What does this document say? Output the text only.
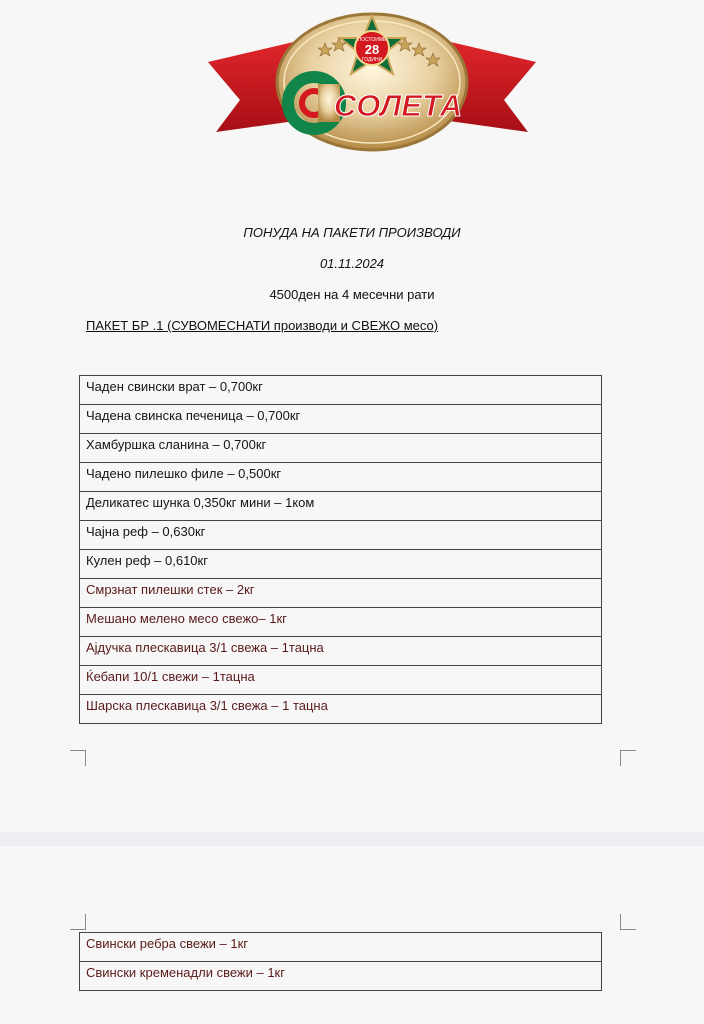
ПОСТОИМЕ
28
ГОДИНИ
СОЛЕТА
ПОНУДА НА ПАКЕТИ ПРОИЗВОДИ
01.11.2024
4500ден на 4 месечни рати
ПАКЕТ БР .1 (СУВОМЕСНАТИ производи и СВЕЖО месо)
Чаден свински врат – 0,700кг
Чадена свинска печеница – 0,700кг
Хамбуршка сланина – 0,700кг
Чадено пилешко филе – 0,500кг
Деликатес шунка 0,350кг мини – 1ком
Чајна реф – 0,630кг
Кулен реф – 0,610кг
Смрзнат пилешки стек – 2кг
Мешано мелено месо свежо– 1кг
Ајдучка плескавица 3/1 свежа – 1тацна
Ќебапи 10/1 свежи – 1тацна
Шарска плескавица 3/1 свежа – 1 тацна
Свински ребра свежи – 1кг
Свински кременадли свежи – 1кг
